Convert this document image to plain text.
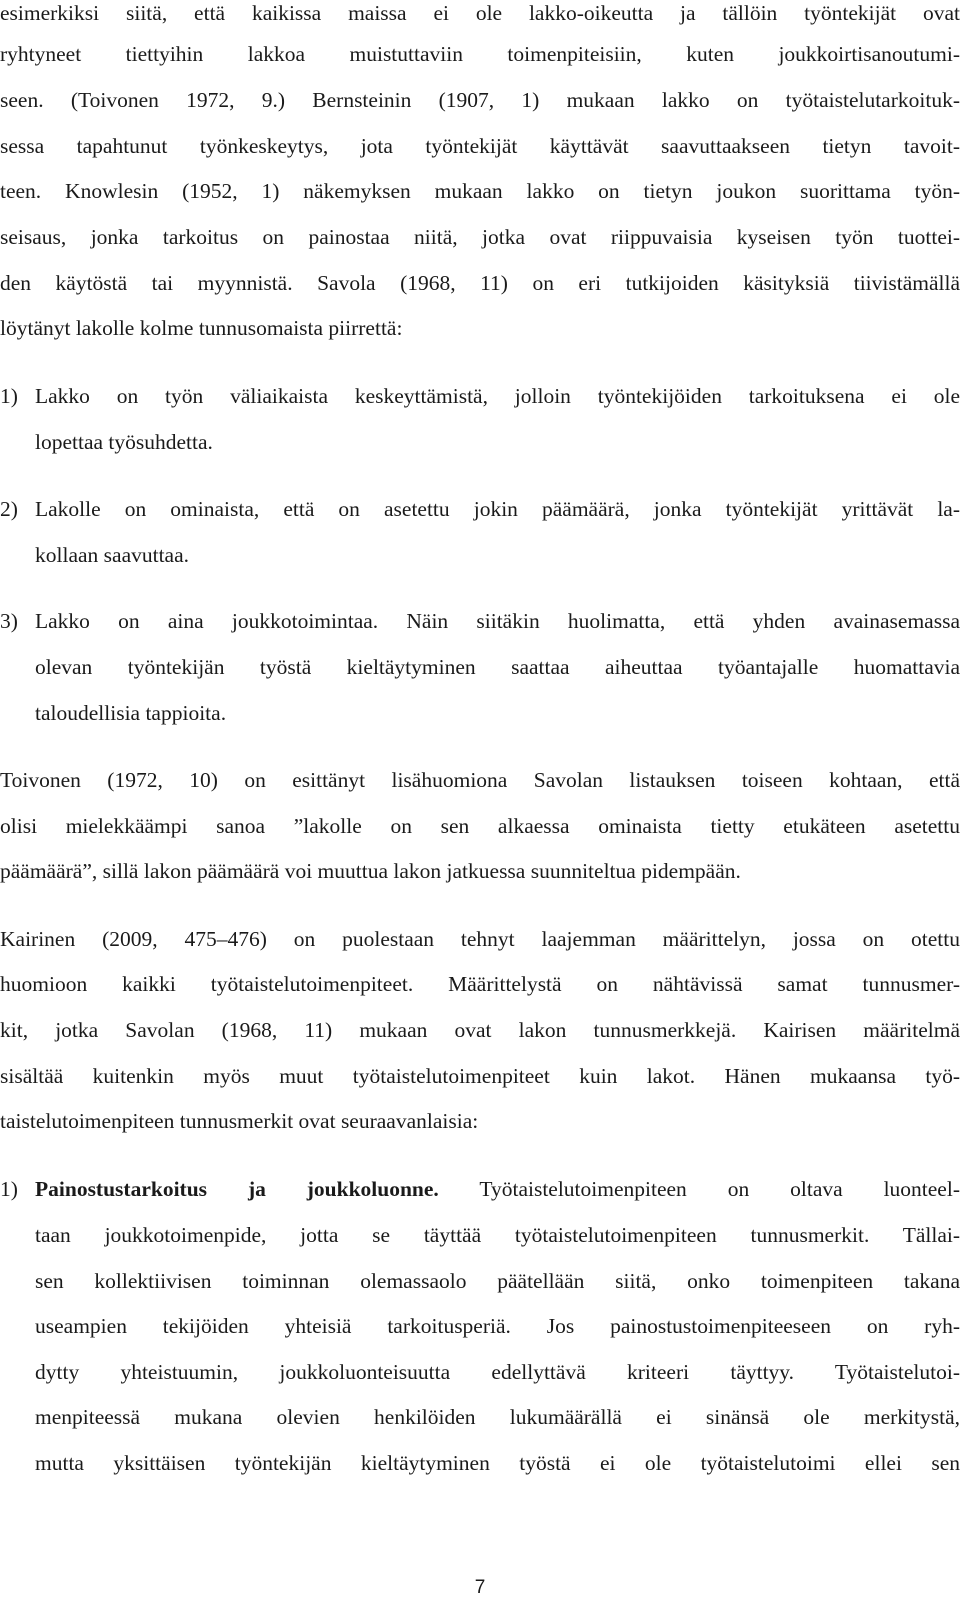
esimerkiksi siitä, että kaikissa maissa ei ole lakko-oikeutta ja tällöin työntekijät ovat
ryhtyneet tiettyihin lakkoa muistuttaviin toimenpiteisiin, kuten joukkoirtisanoutumi-
seen. (Toivonen 1972, 9.) Bernsteinin (1907, 1) mukaan lakko on työtaistelutarkoituk-
sessa tapahtunut työnkeskeytys, jota työntekijät käyttävät saavuttaakseen tietyn tavoit-
teen. Knowlesin (1952, 1) näkemyksen mukaan lakko on tietyn joukon suorittama työn-
seisaus, jonka tarkoitus on painostaa niitä, jotka ovat riippuvaisia kyseisen työn tuottei-
den käytöstä tai myynnistä. Savola (1968, 11) on eri tutkijoiden käsityksiä tiivistämällä
löytänyt lakolle kolme tunnusomaista piirrettä:
1) Lakko on työn väliaikaista keskeyttämistä, jolloin työntekijöiden tarkoituksena ei ole
lopettaa työsuhdetta.
2) Lakolle on ominaista, että on asetettu jokin päämäärä, jonka työntekijät yrittävät la-
kollaan saavuttaa.
3) Lakko on aina joukkotoimintaa. Näin siitäkin huolimatta, että yhden avainasemassa
olevan työntekijän työstä kieltäytyminen saattaa aiheuttaa työantajalle huomattavia
taloudellisia tappioita.
Toivonen (1972, 10) on esittänyt lisähuomiona Savolan listauksen toiseen kohtaan, että
olisi mielekkäämpi sanoa ”lakolle on sen alkaessa ominaista tietty etukäteen asetettu
päämäärä”, sillä lakon päämäärä voi muuttua lakon jatkuessa suunniteltua pidempään.
Kairinen (2009, 475–476) on puolestaan tehnyt laajemman määrittelyn, jossa on otettu
huomioon kaikki työtaistelutoimenpiteet. Määrittelystä on nähtävissä samat tunnusmer-
kit, jotka Savolan (1968, 11) mukaan ovat lakon tunnusmerkkejä. Kairisen määritelmä
sisältää kuitenkin myös muut työtaistelutoimenpiteet kuin lakot. Hänen mukaansa työ-
taistelutoimenpiteen tunnusmerkit ovat seuraavanlaisia:
1) Painostustarkoitus ja joukkoluonne. Työtaistelutoimenpiteen on oltava luonteel-
taan joukkotoimenpide, jotta se täyttää työtaistelutoimenpiteen tunnusmerkit. Tällai-
sen kollektiivisen toiminnan olemassaolo päätellään siitä, onko toimenpiteen takana
useampien tekijöiden yhteisiä tarkoitusperiä. Jos painostustoimenpiteeseen on ryh-
dytty yhteistuumin, joukkoluonteisuutta edellyttävä kriteeri täyttyy. Työtaistelutoi-
menpiteessä mukana olevien henkilöiden lukumäärällä ei sinänsä ole merkitystä,
mutta yksittäisen työntekijän kieltäytyminen työstä ei ole työtaistelutoimi ellei sen
7
